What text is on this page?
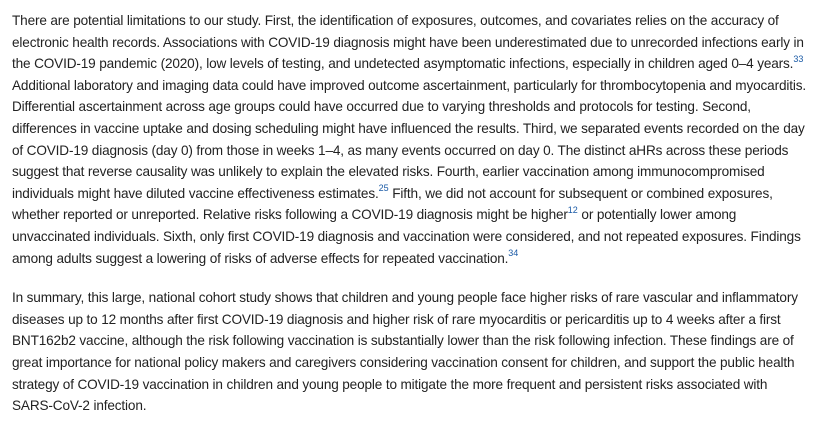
There are potential limitations to our study. First, the identification of exposures, outcomes, and covariates relies on the accuracy of electronic health records. Associations with COVID-19 diagnosis might have been underestimated due to unrecorded infections early in the COVID-19 pandemic (2020), low levels of testing, and undetected asymptomatic infections, especially in children aged 0–4 years.$^{33}$ Additional laboratory and imaging data could have improved outcome ascertainment, particularly for thrombocytopenia and myocarditis. Differential ascertainment across age groups could have occurred due to varying thresholds and protocols for testing. Second, differences in vaccine uptake and dosing scheduling might have influenced the results. Third, we separated events recorded on the day of COVID-19 diagnosis (day 0) from those in weeks 1–4, as many events occurred on day 0. The distinct aHRs across these periods suggest that reverse causality was unlikely to explain the elevated risks. Fourth, earlier vaccination among immunocompromised individuals might have diluted vaccine effectiveness estimates.$^{25}$ Fifth, we did not account for subsequent or combined exposures, whether reported or unreported. Relative risks following a COVID-19 diagnosis might be higher$^{12}$ or potentially lower among unvaccinated individuals. Sixth, only first COVID-19 diagnosis and vaccination were considered, and not repeated exposures. Findings among adults suggest a lowering of risks of adverse effects for repeated vaccination.$^{34}$

In summary, this large, national cohort study shows that children and young people face higher risks of rare vascular and inflammatory diseases up to 12 months after first COVID-19 diagnosis and higher risk of rare myocarditis or pericarditis up to 4 weeks after a first BNT162b2 vaccine, although the risk following vaccination is substantially lower than the risk following infection. These findings are of great importance for national policy makers and caregivers considering vaccination consent for children, and support the public health strategy of COVID-19 vaccination in children and young people to mitigate the more frequent and persistent risks associated with SARS-CoV-2 infection.
